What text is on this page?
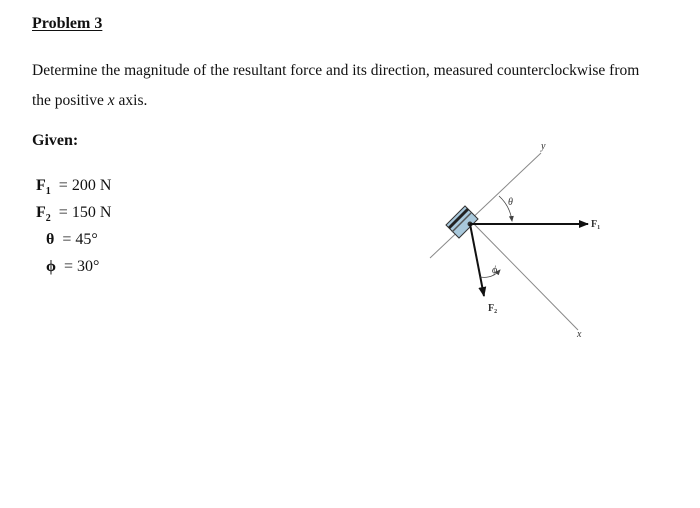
Problem 3
Determine the magnitude of the resultant force and its direction, measured counterclockwise from
the positive x axis.
Given:
$F_1 = 200$ N
$F_2 = 150$ N
θ = 45°
ϕ = 30°
y
x
θ
ϕ
$F_1$
$F_2$
